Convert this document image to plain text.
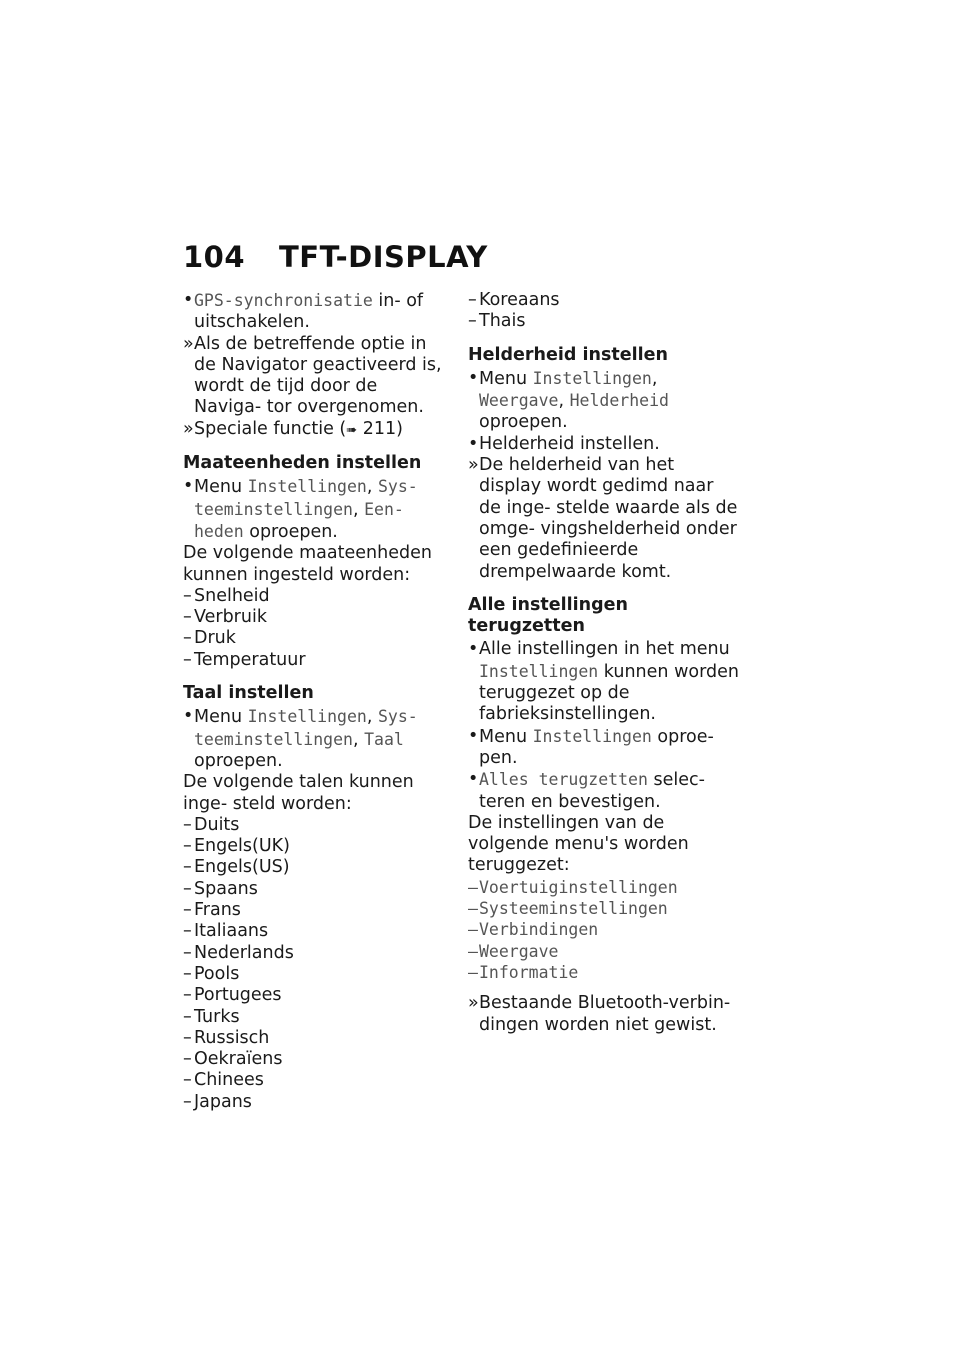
104 TFT-DISPLAY
• GPS-synchronisatie in- of uitschakelen.
» Als de betreffende optie in de Navigator geactiveerd is, wordt de tijd door de Naviga- tor overgenomen.
» Speciale functie (➠ 211)
Maateenheden instellen
• Menu Instellingen, Sys- teeminstellingen, Een- heden oproepen.
De volgende maateenheden kunnen ingesteld worden:
– Snelheid
– Verbruik
– Druk
– Temperatuur
Taal instellen
• Menu Instellingen, Sys- teeminstellingen, Taal oproepen.
De volgende talen kunnen inge- steld worden:
– Duits
– Engels(UK)
– Engels(US)
– Spaans
– Frans
– Italiaans
– Nederlands
– Pools
– Portugees
– Turks
– Russisch
– Oekraïens
– Chinees
– Japans
– Koreaans
– Thais
Helderheid instellen
• Menu Instellingen, Weergave, Helderheid oproepen.
• Helderheid instellen.
» De helderheid van het display wordt gedimd naar de inge- stelde waarde als de omge- vingshelderheid onder een gedefinieerde drempelwaarde komt.
Alle instellingen terugzetten
• Alle instellingen in het menu Instellingen kunnen worden teruggezet op de fabrieksinstellingen.
• Menu Instellingen oproe- pen.
• Alles terugzetten selec- teren en bevestigen.
De instellingen van de volgende menu's worden teruggezet:
– Voertuiginstellingen
– Systeeminstellingen
– Verbindingen
– Weergave
– Informatie
» Bestaande Bluetooth-verbin- dingen worden niet gewist.
